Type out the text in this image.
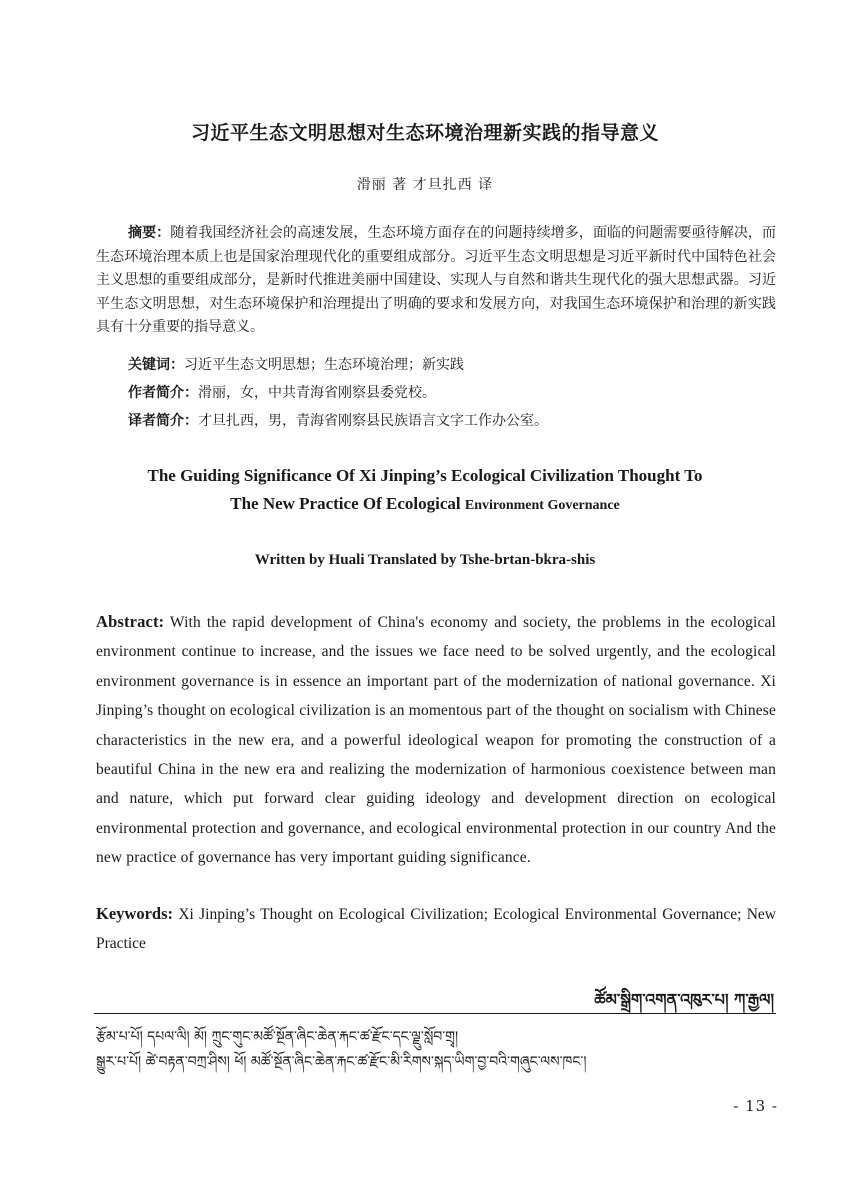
习近平生态文明思想对生态环境治理新实践的指导意义
滑丽 著 才旦扎西 译
摘要：随着我国经济社会的高速发展，生态环境方面存在的问题持续增多，面临的问题需要亟待解决，而生态环境治理本质上也是国家治理现代化的重要组成部分。习近平生态文明思想是习近平新时代中国特色社会主义思想的重要组成部分，是新时代推进美丽中国建设、实现人与自然和谐共生现代化的强大思想武器。习近平生态文明思想，对生态环境保护和治理提出了明确的要求和发展方向，对我国生态环境保护和治理的新实践具有十分重要的指导意义。
关键词：习近平生态文明思想；生态环境治理；新实践
作者简介：滑丽，女，中共青海省刚察县委党校。
译者简介：才旦扎西，男，青海省刚察县民族语言文字工作办公室。
The Guiding Significance Of Xi Jinping’s Ecological Civilization Thought To
The New Practice Of Ecological Environment Governance
Written by Huali Translated by Tshe-brtan-bkra-shis
Abstract: With the rapid development of China's economy and society, the problems in the ecological environment continue to increase, and the issues we face need to be solved urgently, and the ecological environment governance is in essence an important part of the modernization of national governance. Xi Jinping’s thought on ecological civilization is an momentous part of the thought on socialism with Chinese characteristics in the new era, and a powerful ideological weapon for promoting the construction of a beautiful China in the new era and realizing the modernization of harmonious coexistence between man and nature, which put forward clear guiding ideology and development direction on ecological environmental protection and governance, and ecological environmental protection in our country And the new practice of governance has very important guiding significance.
Keywords: Xi Jinping’s Thought on Ecological Civilization; Ecological Environmental Governance; New Practice
ཚོམ་སྒྲིག་འགན་འཁུར་པ། ཀ་རྒྱལ།
རྩོམ་པ་པོ། དཔལ་ལི། མོ། ཀྲུང་གུང་མཚོ་སྔོན་ཞིང་ཆེན་རྐང་ཚ་རྫོང་དང་ལྗུ་སློབ་གྲྭ།
སྒྱུར་པ་པོ། ཚེ་བརྟན་བཀྲ་ཤིས། ཕོ། མཚོ་སྔོན་ཞིང་ཆེན་རྐང་ཚ་རྫོང་མི་རིགས་སྐད་ཡིག་བྱ་བའི་གཞུང་ལས་ཁང་།
- 13 -
